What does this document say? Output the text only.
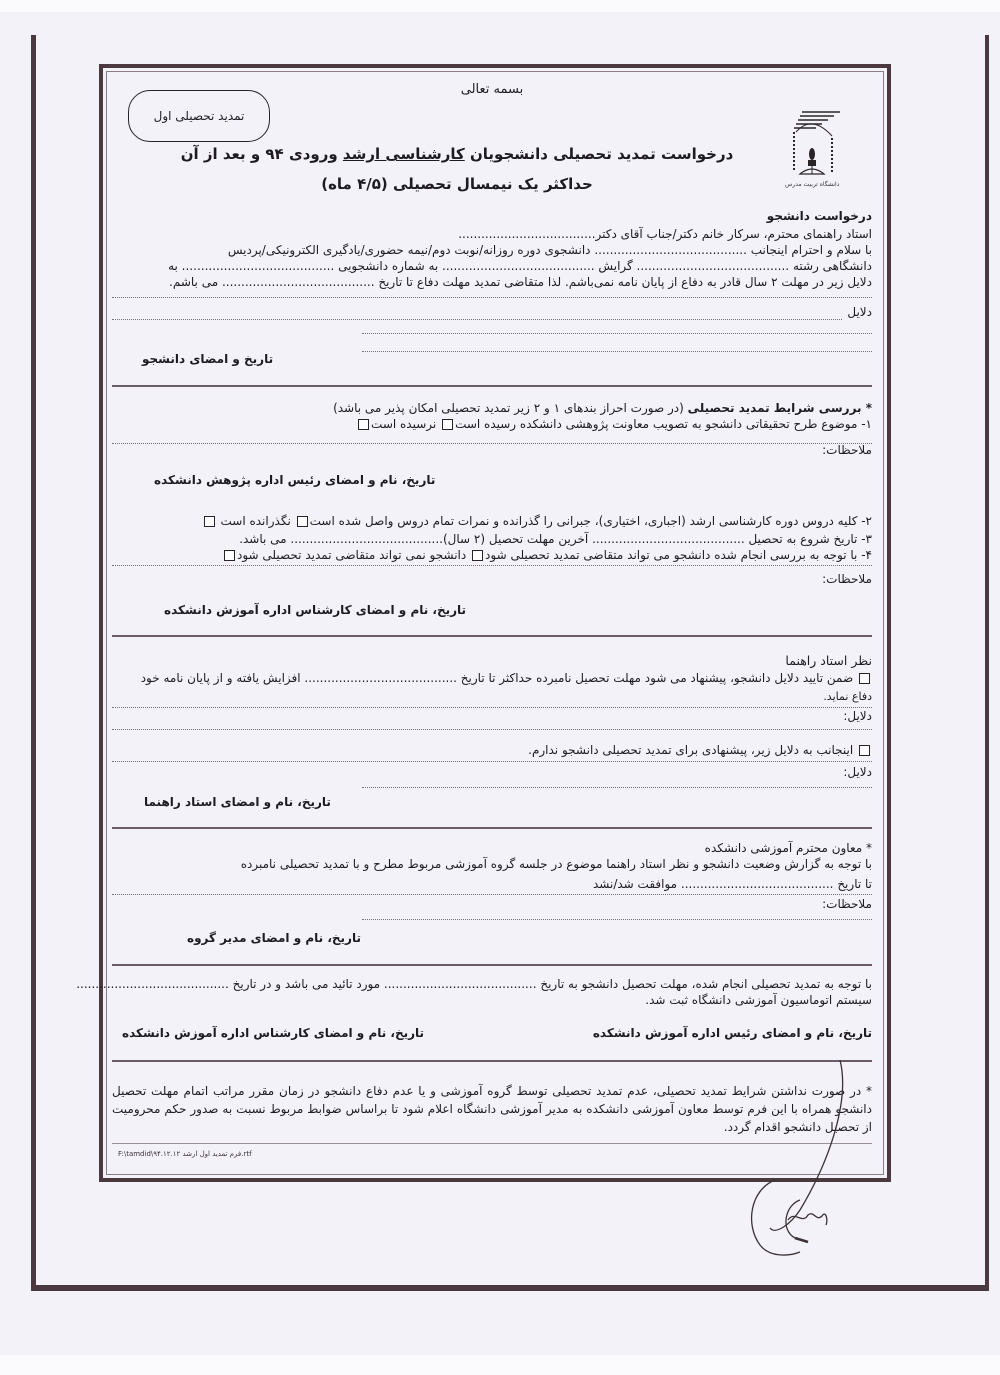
دانشگاه تربیت مدرس
تمدید تحصیلی اول
بسمه تعالی
درخواست تمدید تحصیلی دانشجویان کارشناسی ارشد ورودی ۹۴ و بعد از آن
حداکثر یک نیمسال تحصیلی (۴/۵ ماه)
درخواست دانشجو
استاد راهنمای محترم، سرکار خانم دکتر/جناب آقای دکتر....................................
با سلام و احترام اینجانب ........................................ دانشجوی دوره روزانه/نوبت دوم/نیمه حضوری/یادگیری الکترونیکی/پردیس
دانشگاهی رشته ........................................ گرایش ........................................ به شماره دانشجویی ........................................ به
دلایل زیر در مهلت ۲ سال قادر به دفاع از پایان نامه نمی‌باشم. لذا متقاضی تمدید مهلت دفاع تا تاریخ ........................................ می باشم.
دلایل
تاریخ و امضای دانشجو
* بررسی شرایط تمدید تحصیلی (در صورت احراز بندهای ۱ و ۲ زیر تمدید تحصیلی امکان پذیر می باشد)
۱- موضوع طرح تحقیقاتی دانشجو به تصویب معاونت پژوهشی دانشکده رسیده است نرسیده است
ملاحظات:
تاریخ، نام و امضای رئیس اداره پژوهش دانشکده
۲- کلیه دروس دوره کارشناسی ارشد (اجباری، اختیاری)، جبرانی را گذرانده و نمرات تمام دروس واصل شده است نگذرانده است
۳- تاریخ شروع به تحصیل ........................................ آخرین مهلت تحصیل (۲ سال)........................................ می باشد.
۴- با توجه به بررسی انجام شده دانشجو می تواند متقاضی تمدید تحصیلی شود دانشجو نمی تواند متقاضی تمدید تحصیلی شود
ملاحظات:
تاریخ، نام و امضای کارشناس اداره آموزش دانشکده
نظر استاد راهنما
ضمن تایید دلایل دانشجو، پیشنهاد می شود مهلت تحصیل نامبرده حداکثر تا تاریخ ........................................ افزایش یافته و از پایان نامه خود
دفاع نماید.
دلایل:
اینجانب به دلایل زیر، پیشنهادی برای تمدید تحصیلی دانشجو ندارم.
دلایل:
تاریخ، نام و امضای استاد راهنما
* معاون محترم آموزشی دانشکده
با توجه به گزارش وضعیت دانشجو و نظر استاد راهنما موضوع در جلسه گروه آموزشی مربوط مطرح و با تمدید تحصیلی نامبرده
تا تاریخ ........................................ موافقت شد/نشد
ملاحظات:
تاریخ، نام و امضای مدیر گروه
با توجه به تمدید تحصیلی انجام شده، مهلت تحصیل دانشجو به تاریخ ........................................ مورد تائید می باشد و در تاریخ ........................................
سیستم اتوماسیون آموزشی دانشگاه ثبت شد.
تاریخ، نام و امضای رئیس اداره آموزش دانشکده
تاریخ، نام و امضای کارشناس اداره آموزش دانشکده
* در صورت نداشتن شرایط تمدید تحصیلی، عدم تمدید تحصیلی توسط گروه آموزشی و یا عدم دفاع دانشجو در زمان مقرر مراتب اتمام مهلت تحصیل دانشجو همراه با این فرم توسط معاون آموزشی دانشکده به مدیر آموزشی دانشگاه اعلام شود تا براساس ضوابط مربوط نسبت به صدور حکم محرومیت از تحصیل دانشجو اقدام گردد.
F:\tamdid\۹۴.۱۲.۱۲ فرم تمدید اول ارشد.rtf
